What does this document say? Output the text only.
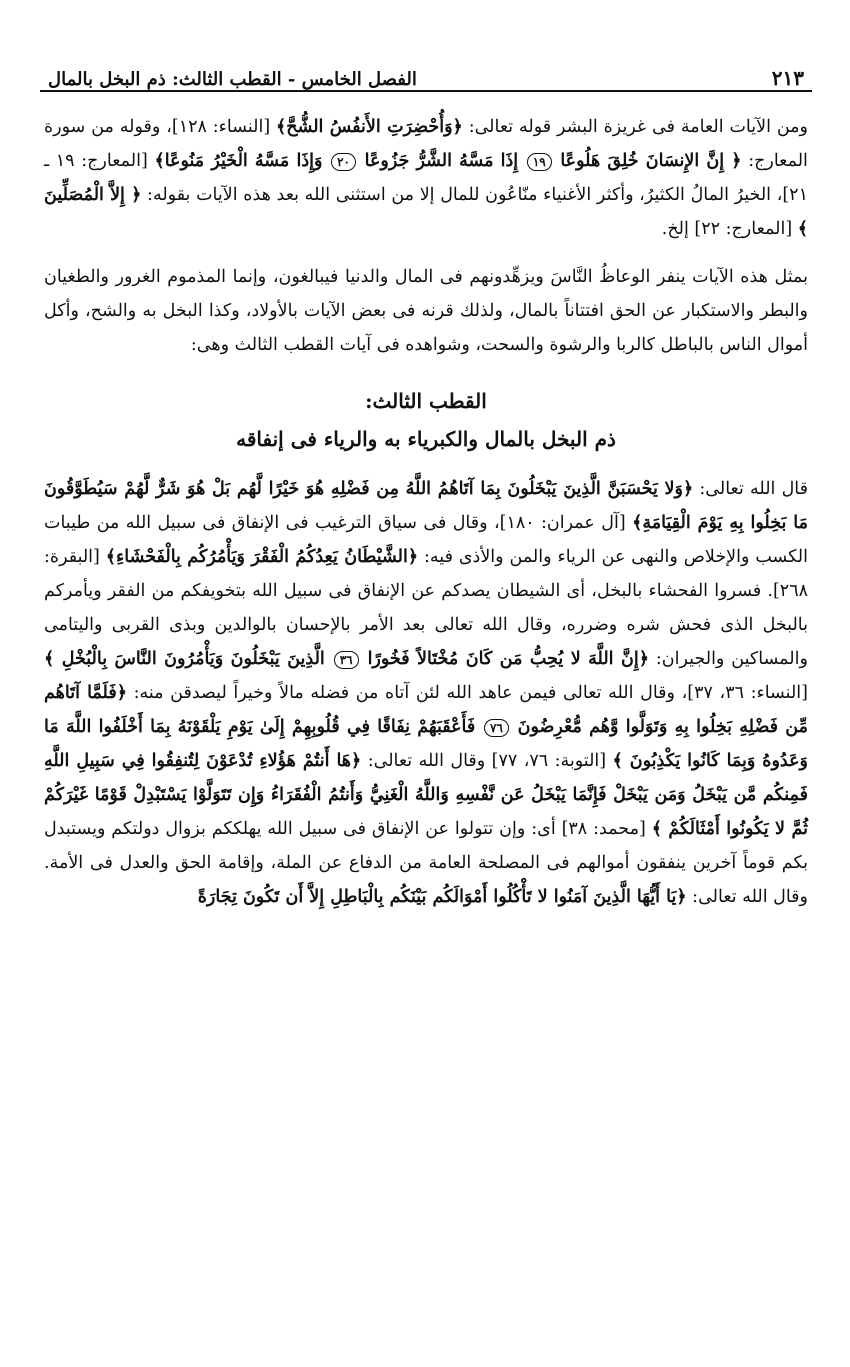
٢١٣
الفصل الخامس - القطب الثالث: ذم البخل بالمال

ومن الآيات العامة فى غريزة البشر قوله تعالى: ﴿وَأُحْضِرَتِ الأَنفُسُ الشُّحَّ﴾ [النساء: ١٢٨]، وقوله من سورة المعارج: ﴿ إِنَّ الإِنسَانَ خُلِقَ هَلُوعًا ١٩ إِذَا مَسَّهُ الشَّرُّ جَزُوعًا ٢٠ وَإِذَا مَسَّهُ الْخَيْرُ مَنُوعًا﴾ [المعارج: ١٩ ـ ٢١]، الخيرُ المالُ الكثيرُ، وأكثر الأغنياء منّاعُون للمال إلا من استثنى الله بعد هذه الآيات بقوله: ﴿ إِلاَّ الْمُصَلِّينَ ﴾ [المعارج: ٢٢] إلخ.

بمثل هذه الآيات ينفر الوعاظُ النَّاسَ ويزهِّدونهم فى المال والدنيا فيبالغون، وإنما المذموم الغرور والطغيان والبطر والاستكبار عن الحق افتتاناً بالمال، ولذلك قرنه فى بعض الآيات بالأولاد، وكذا البخل به والشح، وأكل أموال الناس بالباطل كالربا والرشوة والسحت، وشواهده فى آيات القطب الثالث وهى:

القطب الثالث:
ذم البخل بالمال والكبرياء به والرياء فى إنفاقه

قال الله تعالى: ﴿وَلا يَحْسَبَنَّ الَّذِينَ يَبْخَلُونَ بِمَا آتَاهُمُ اللَّهُ مِن فَضْلِهِ هُوَ خَيْرًا لَّهُم بَلْ هُوَ شَرٌّ لَّهُمْ سَيُطَوَّقُونَ مَا بَخِلُوا بِهِ يَوْمَ الْقِيَامَةِ﴾ [آل عمران: ١٨٠]، وقال فى سياق الترغيب فى الإنفاق فى سبيل الله من طيبات الكسب والإخلاص والنهى عن الرياء والمن والأذى فيه: ﴿الشَّيْطَانُ يَعِدُكُمُ الْفَقْرَ وَيَأْمُرُكُم بِالْفَحْشَاءِ﴾ [البقرة: ٢٦٨]. فسروا الفحشاء بالبخل، أى الشيطان يصدكم عن الإنفاق فى سبيل الله بتخويفكم من الفقر ويأمركم بالبخل الذى فحش شره وضرره، وقال الله تعالى بعد الأمر بالإحسان بالوالدين وبذى القربى واليتامى والمساكين والجيران: ﴿إِنَّ اللَّهَ لا يُحِبُّ مَن كَانَ مُخْتَالاً فَخُورًا ٣٦ الَّذِينَ يَبْخَلُونَ وَيَأْمُرُونَ النَّاسَ بِالْبُخْلِ ﴾ [النساء: ٣٦، ٣٧]، وقال الله تعالى فيمن عاهد الله لئن آتاه من فضله مالاً وخيراً ليصدقن منه: ﴿فَلَمَّا آتَاهُم مِّن فَضْلِهِ بَخِلُوا بِهِ وَتَوَلَّوا وَّهُم مُّعْرِضُونَ ٧٦ فَأَعْقَبَهُمْ نِفَاقًا فِي قُلُوبِهِمْ إِلَىٰ يَوْمِ يَلْقَوْنَهُ بِمَا أَخْلَفُوا اللَّهَ مَا وَعَدُوهُ وَبِمَا كَانُوا يَكْذِبُونَ ﴾ [التوبة: ٧٦، ٧٧] وقال الله تعالى: ﴿هَا أَنتُمْ هَؤُلاءِ تُدْعَوْنَ لِتُنفِقُوا فِي سَبِيلِ اللَّهِ فَمِنكُم مَّن يَبْخَلُ وَمَن يَبْخَلْ فَإِنَّمَا يَبْخَلُ عَن نَّفْسِهِ وَاللَّهُ الْغَنِيُّ وَأَنتُمُ الْفُقَرَاءُ وَإِن تَتَوَلَّوْا يَسْتَبْدِلْ قَوْمًا غَيْرَكُمْ ثُمَّ لا يَكُونُوا أَمْثَالَكُمْ ﴾ [محمد: ٣٨] أى: وإن تتولوا عن الإنفاق فى سبيل الله يهلككم بزوال دولتكم ويستبدل بكم قوماً آخرين ينفقون أموالهم فى المصلحة العامة من الدفاع عن الملة، وإقامة الحق والعدل فى الأمة. وقال الله تعالى: ﴿يَا أَيُّهَا الَّذِينَ آمَنُوا لا تَأْكُلُوا أَمْوَالَكُم بَيْنَكُم بِالْبَاطِلِ إِلاَّ أَن تَكُونَ تِجَارَةً
